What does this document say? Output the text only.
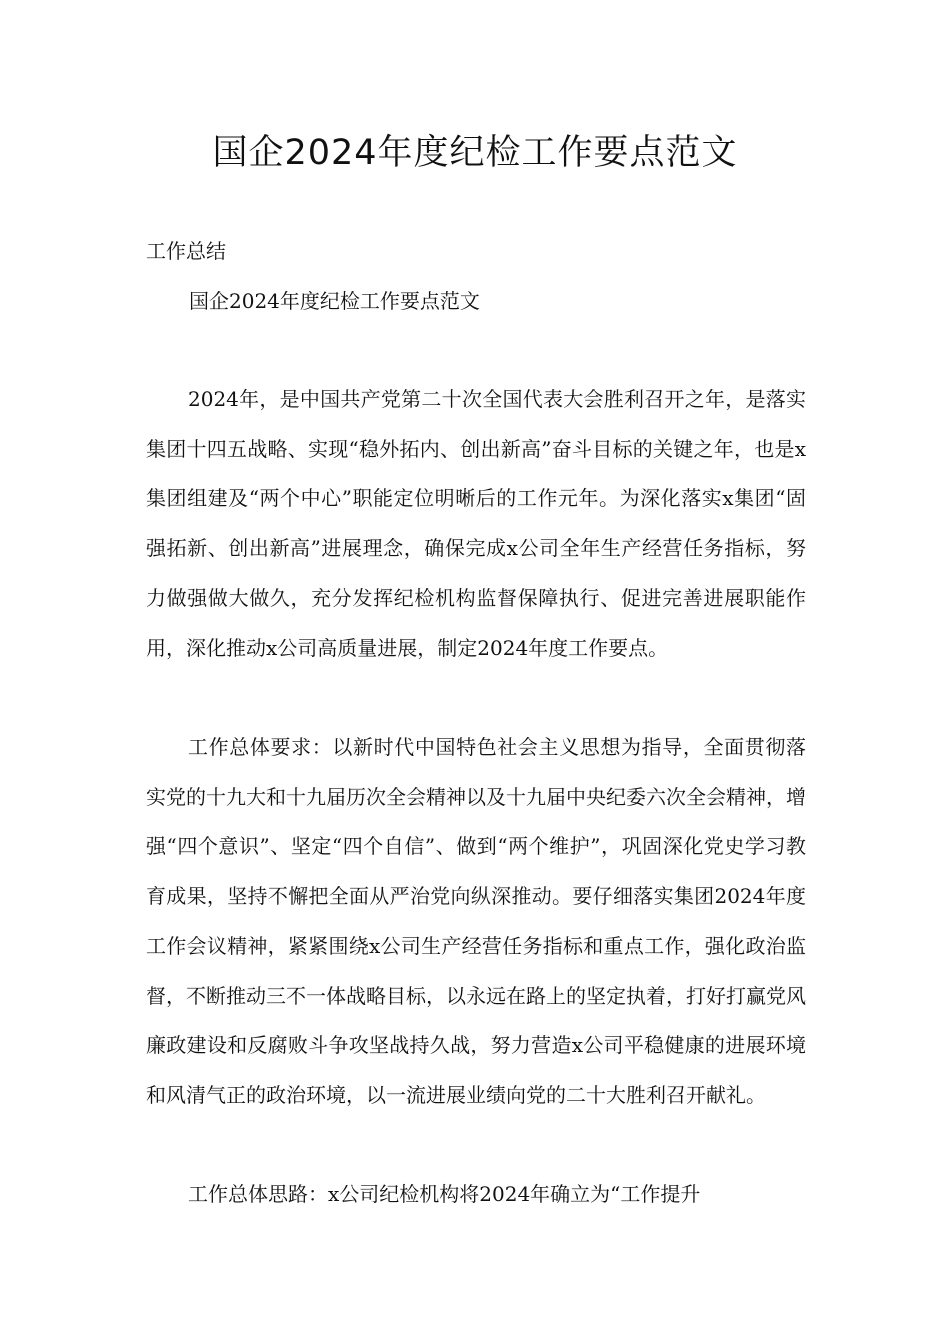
国企2024年度纪检工作要点范文

工作总结

国企2024年度纪检工作要点范文

2024年，是中国共产党第二十次全国代表大会胜利召开之年，是落实集团十四五战略、实现“稳外拓内、创出新高”奋斗目标的关键之年，也是x集团组建及“两个中心”职能定位明晰后的工作元年。为深化落实x集团“固强拓新、创出新高”进展理念，确保完成x公司全年生产经营任务指标，努力做强做大做久，充分发挥纪检机构监督保障执行、促进完善进展职能作用，深化推动x公司高质量进展，制定2024年度工作要点。

工作总体要求：以新时代中国特色社会主义思想为指导，全面贯彻落实党的十九大和十九届历次全会精神以及十九届中央纪委六次全会精神，增强“四个意识”、坚定“四个自信”、做到“两个维护”，巩固深化党史学习教育成果，坚持不懈把全面从严治党向纵深推动。要仔细落实集团2024年度工作会议精神，紧紧围绕x公司生产经营任务指标和重点工作，强化政治监督，不断推动三不一体战略目标，以永远在路上的坚定执着，打好打赢党风廉政建设和反腐败斗争攻坚战持久战，努力营造x公司平稳健康的进展环境和风清气正的政治环境，以一流进展业绩向党的二十大胜利召开献礼。

工作总体思路：x公司纪检机构将2024年确立为“工作提升
